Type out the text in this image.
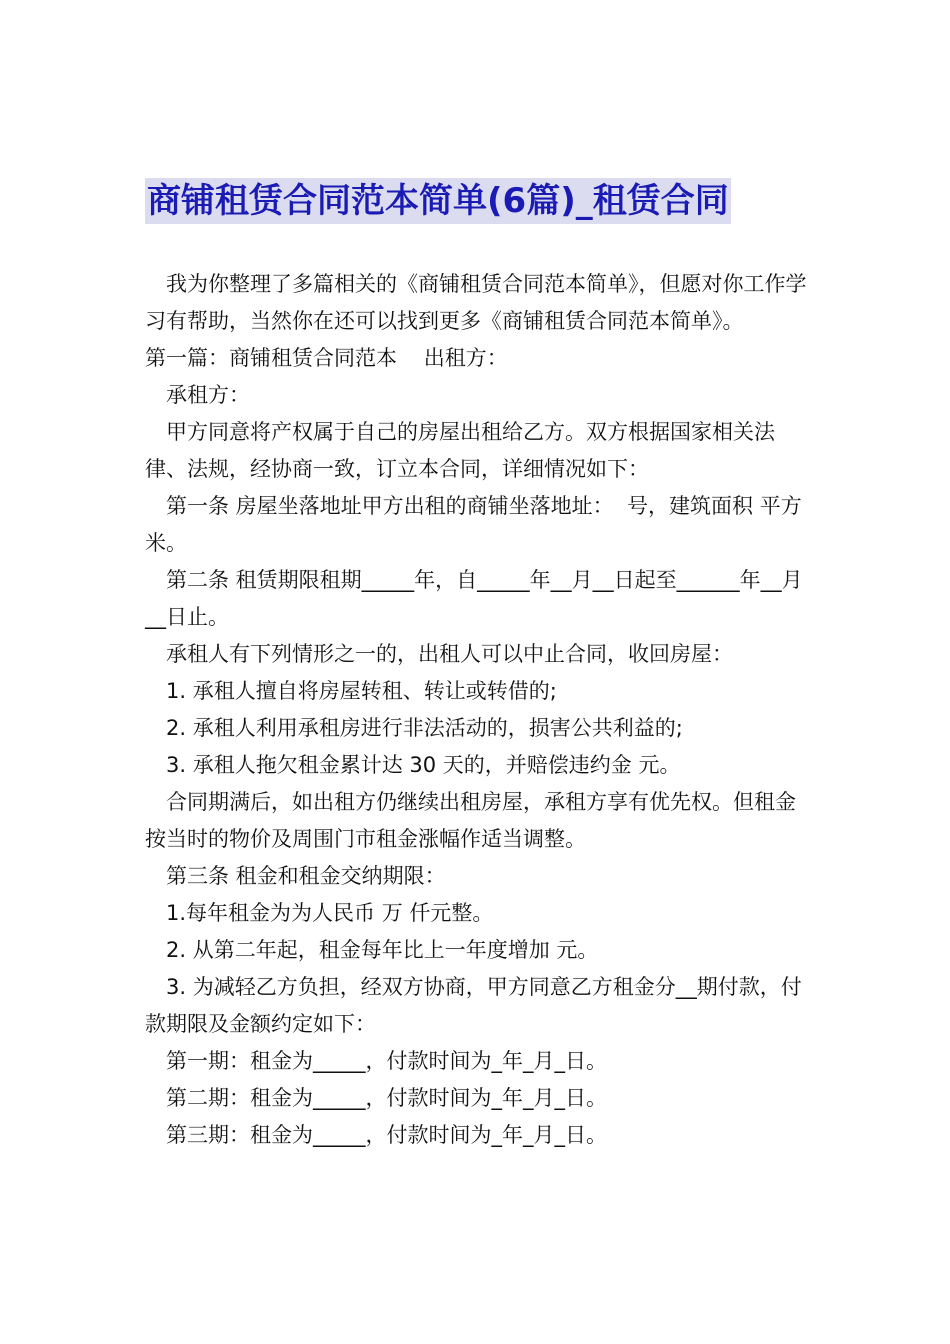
商铺租赁合同范本简单(6篇)_租赁合同

我为你整理了多篇相关的《商铺租赁合同范本简单》，但愿对你工作学习有帮助，当然你在还可以找到更多《商铺租赁合同范本简单》。

第一篇：商铺租赁合同范本    出租方：

承租方：

甲方同意将产权属于自己的房屋出租给乙方。双方根据国家相关法律、法规，经协商一致，订立本合同，详细情况如下：

第一条 房屋坐落地址甲方出租的商铺坐落地址：  号，建筑面积 平方米。

第二条 租赁期限租期_____年，自_____年__月__日起至______年__月__日止。

承租人有下列情形之一的，出租人可以中止合同，收回房屋：

1. 承租人擅自将房屋转租、转让或转借的;

2. 承租人利用承租房进行非法活动的，损害公共利益的;

3. 承租人拖欠租金累计达 30 天的，并赔偿违约金 元。

合同期满后，如出租方仍继续出租房屋，承租方享有优先权。但租金按当时的物价及周围门市租金涨幅作适当调整。

第三条 租金和租金交纳期限：

1.每年租金为为人民币 万 仟元整。

2. 从第二年起，租金每年比上一年度增加 元。

3. 为减轻乙方负担，经双方协商，甲方同意乙方租金分__期付款，付款期限及金额约定如下：

第一期：租金为_____，付款时间为_年_月_日。

第二期：租金为_____，付款时间为_年_月_日。

第三期：租金为_____，付款时间为_年_月_日。
